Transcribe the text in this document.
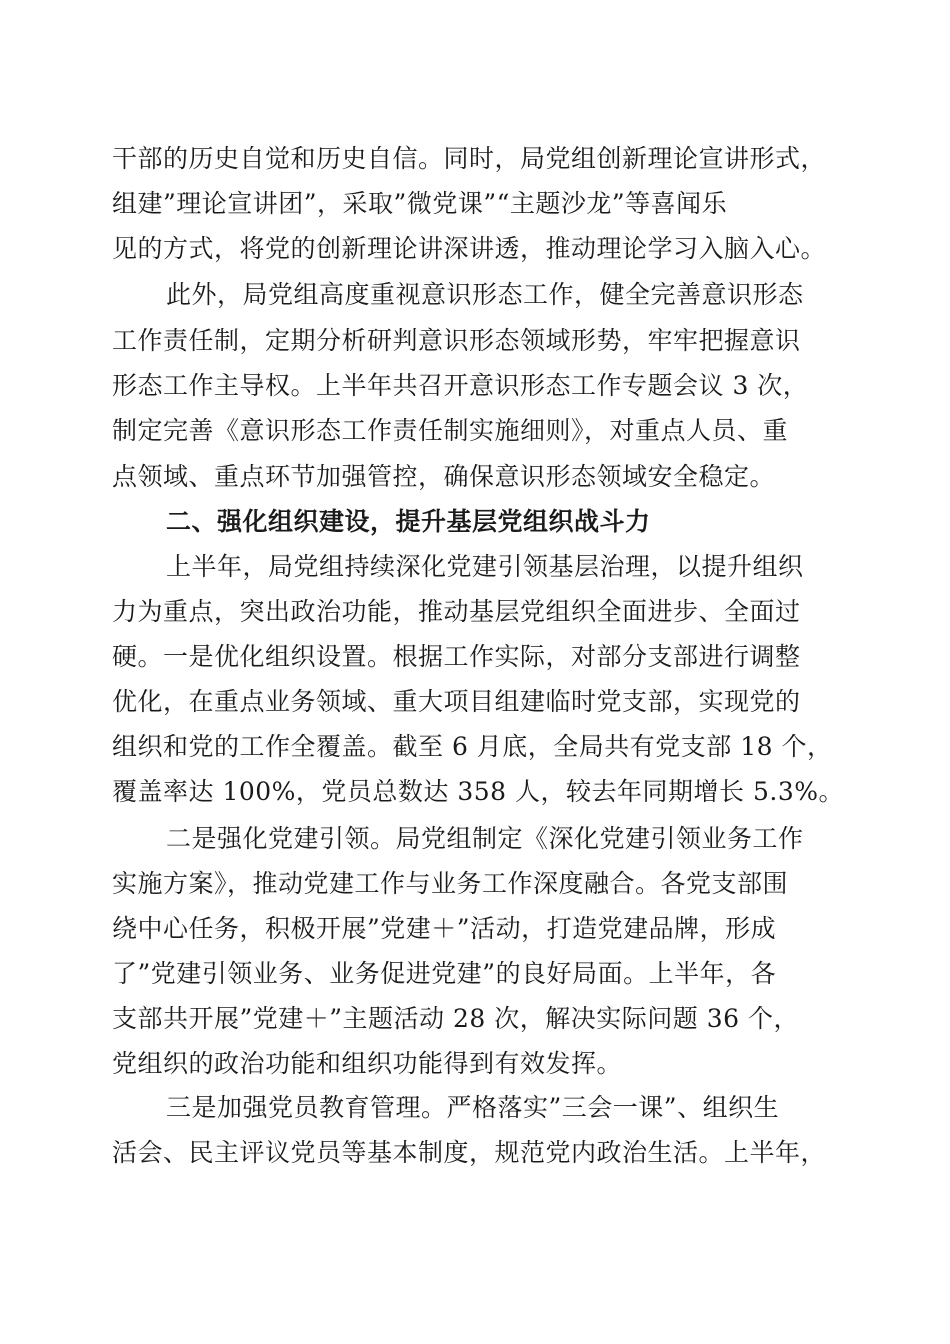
干部的历史自觉和历史自信。同时，局党组创新理论宣讲形式，
组建”理论宣讲团”，采取”微党课”“主题沙龙”等喜闻乐
见的方式，将党的创新理论讲深讲透，推动理论学习入脑入心。
此外，局党组高度重视意识形态工作，健全完善意识形态
工作责任制，定期分析研判意识形态领域形势，牢牢把握意识
形态工作主导权。上半年共召开意识形态工作专题会议 3 次，
制定完善《意识形态工作责任制实施细则》，对重点人员、重
点领域、重点环节加强管控，确保意识形态领域安全稳定。
二、强化组织建设，提升基层党组织战斗力
上半年，局党组持续深化党建引领基层治理，以提升组织
力为重点，突出政治功能，推动基层党组织全面进步、全面过
硬。一是优化组织设置。根据工作实际，对部分支部进行调整
优化，在重点业务领域、重大项目组建临时党支部，实现党的
组织和党的工作全覆盖。截至 6 月底，全局共有党支部 18 个，
覆盖率达 100%，党员总数达 358 人，较去年同期增长 5.3%。
二是强化党建引领。局党组制定《深化党建引领业务工作
实施方案》，推动党建工作与业务工作深度融合。各党支部围
绕中心任务，积极开展”党建＋”活动，打造党建品牌，形成
了”党建引领业务、业务促进党建”的良好局面。上半年，各
支部共开展”党建＋”主题活动 28 次，解决实际问题 36 个，
党组织的政治功能和组织功能得到有效发挥。
三是加强党员教育管理。严格落实”三会一课”、组织生
活会、民主评议党员等基本制度，规范党内政治生活。上半年，
